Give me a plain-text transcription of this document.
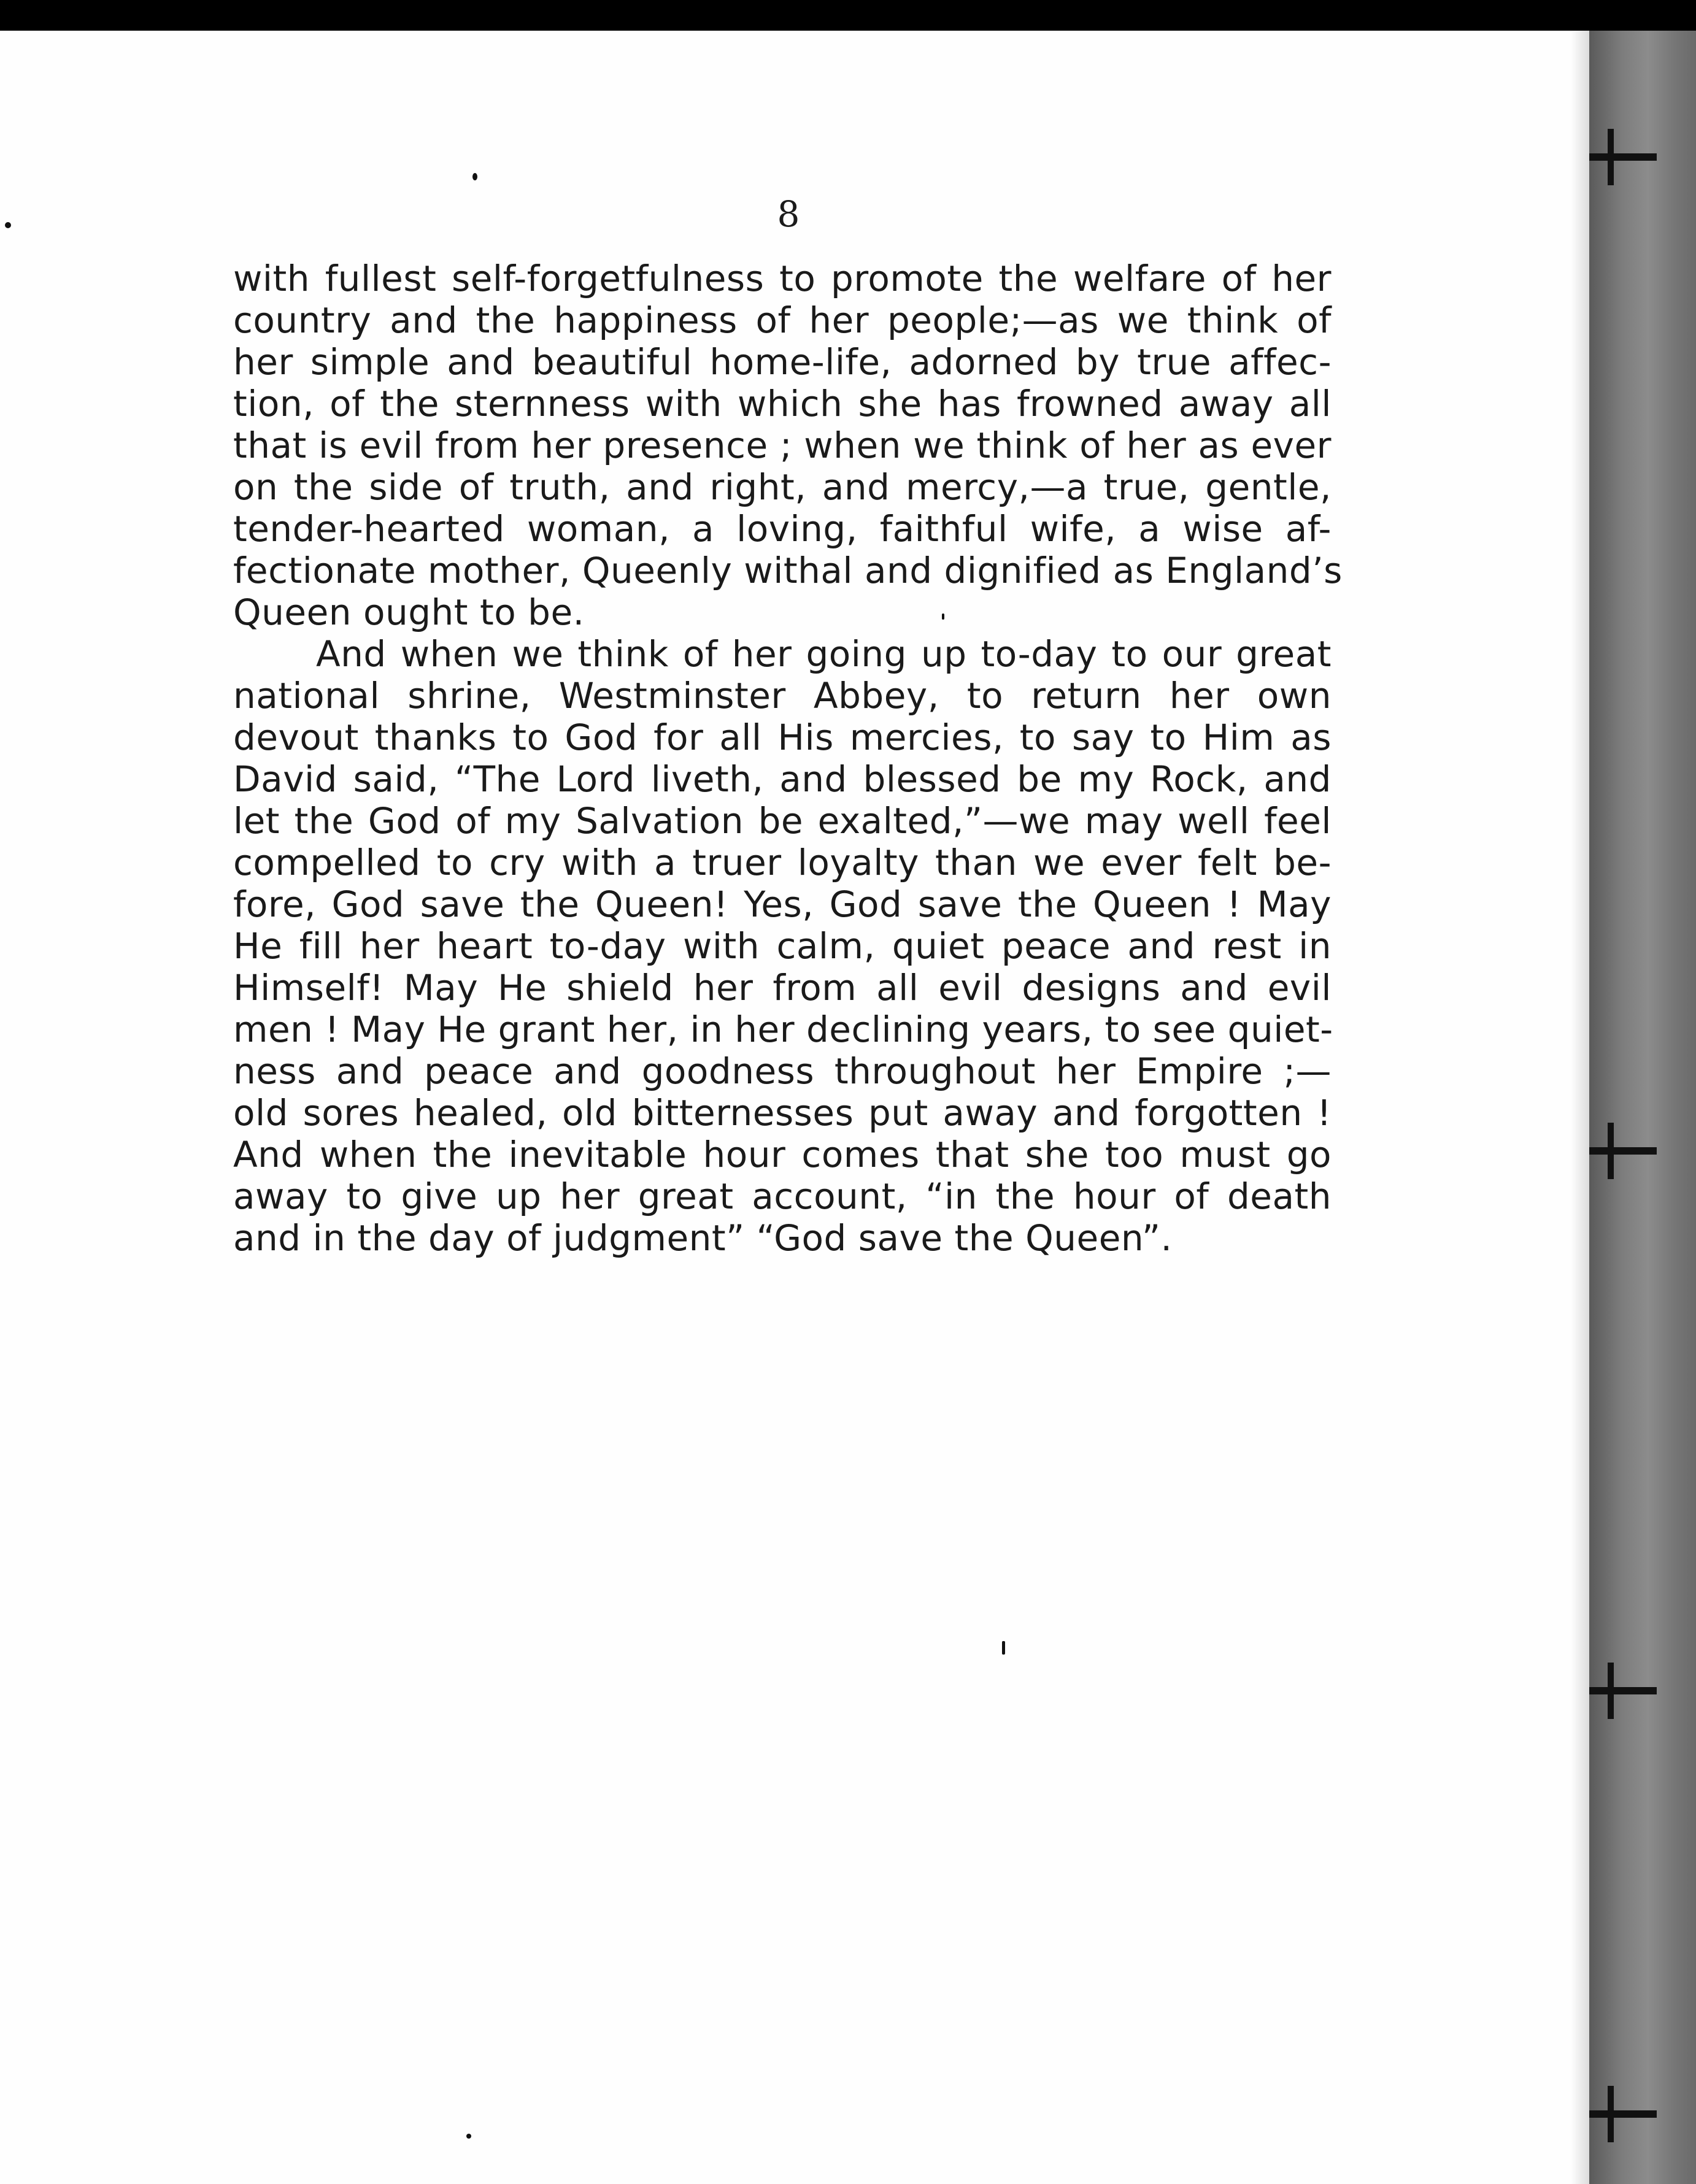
8
with fullest self-forgetfulness to promote the welfare of her
country and the happiness of her people;—as we think of
her simple and beautiful home-life, adorned by true affec-
tion, of the sternness with which she has frowned away all
that is evil from her presence ; when we think of her as ever
on the side of truth, and right, and mercy,—a true, gentle,
tender-hearted woman, a loving, faithful wife, a wise af-
fectionate mother, Queenly withal and dignified as England’s
Queen ought to be.
And when we think of her going up to-day to our great
national shrine, Westminster Abbey, to return her own
devout thanks to God for all His mercies, to say to Him as
David said, “The Lord liveth, and blessed be my Rock, and
let the God of my Salvation be exalted,”—we may well feel
compelled to cry with a truer loyalty than we ever felt be-
fore, God save the Queen! Yes, God save the Queen ! May
He fill her heart to-day with calm, quiet peace and rest in
Himself! May He shield her from all evil designs and evil
men ! May He grant her, in her declining years, to see quiet-
ness and peace and goodness throughout her Empire ;—
old sores healed, old bitternesses put away and forgotten !
And when the inevitable hour comes that she too must go
away to give up her great account, “in the hour of death
and in the day of judgment” “God save the Queen”.
